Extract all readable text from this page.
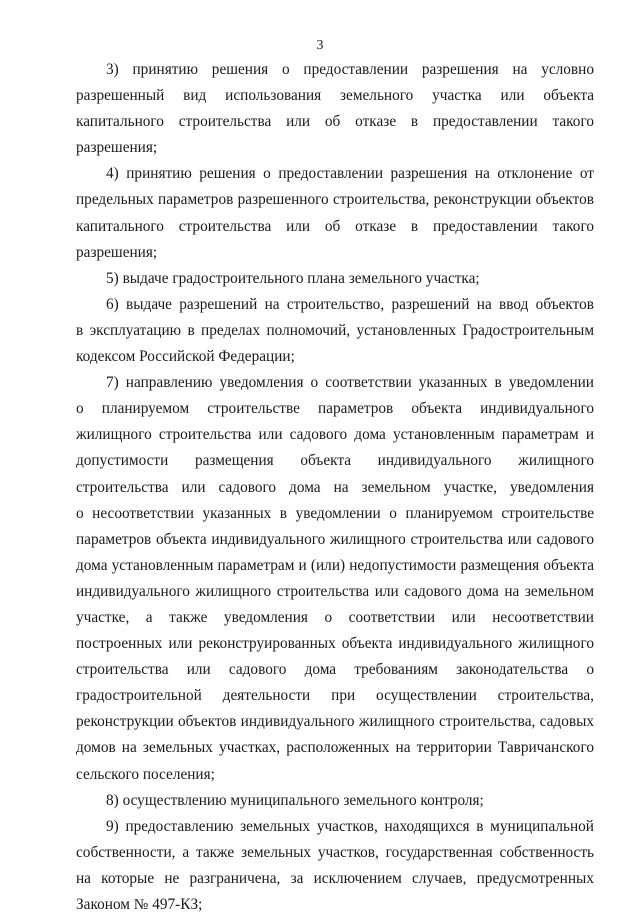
3

3) принятию решения о предоставлении разрешения на условно разрешенный вид использования земельного участка или объекта капитального строительства или об отказе в предоставлении такого разрешения;

4) принятию решения о предоставлении разрешения на отклонение от предельных параметров разрешенного строительства, реконструкции объектов капитального строительства или об отказе в предоставлении такого разрешения;

5) выдаче градостроительного плана земельного участка;

6) выдаче разрешений на строительство, разрешений на ввод объектов в эксплуатацию в пределах полномочий, установленных Градостроительным кодексом Российской Федерации;

7) направлению уведомления о соответствии указанных в уведомлении о планируемом строительстве параметров объекта индивидуального жилищного строительства или садового дома установленным параметрам и допустимости размещения объекта индивидуального жилищного строительства или садового дома на земельном участке, уведомления о несоответствии указанных в уведомлении о планируемом строительстве параметров объекта индивидуального жилищного строительства или садового дома установленным параметрам и (или) недопустимости размещения объекта индивидуального жилищного строительства или садового дома на земельном участке, а также уведомления о соответствии или несоответствии построенных или реконструированных объекта индивидуального жилищного строительства или садового дома требованиям законодательства о градостроительной деятельности при осуществлении строительства, реконструкции объектов индивидуального жилищного строительства, садовых домов на земельных участках, расположенных на территории Тавричанского сельского поселения;

8) осуществлению муниципального земельного контроля;

9) предоставлению земельных участков, находящихся в муниципальной собственности, а также земельных участков, государственная собственность на которые не разграничена, за исключением случаев, предусмотренных Законом № 497-КЗ;
